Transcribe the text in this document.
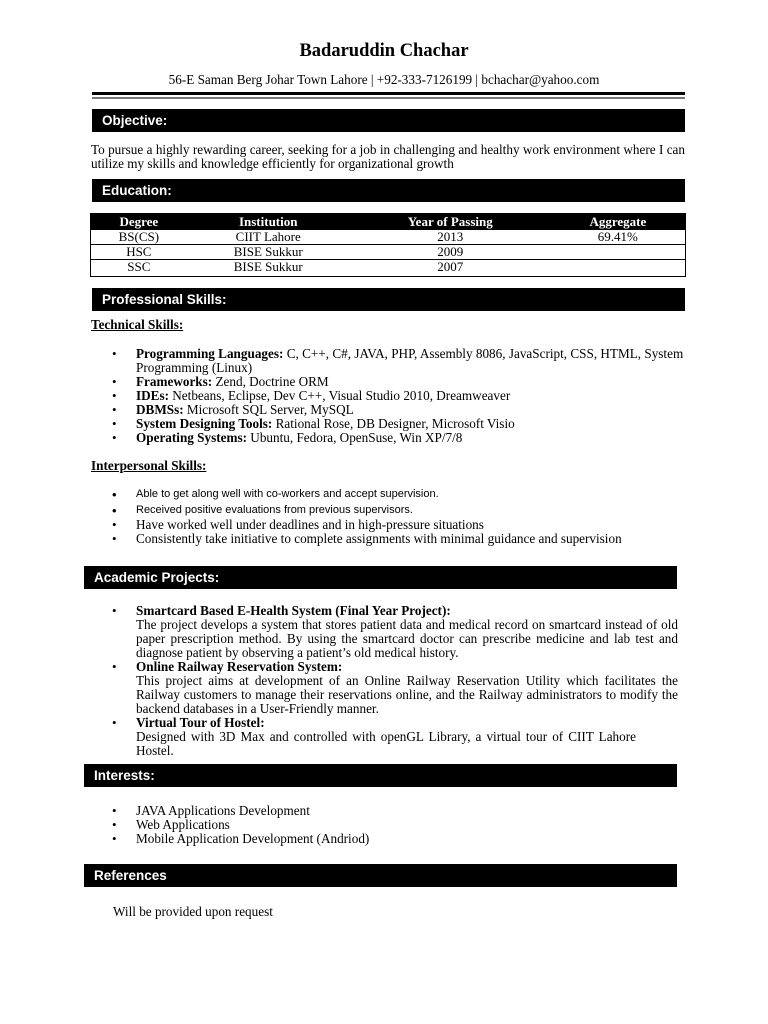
Badaruddin Chachar
56-E Saman Berg Johar Town Lahore | +92-333-7126199 | bchachar@yahoo.com
Objective:
To pursue a highly rewarding career, seeking for a job in challenging and healthy work environment where I can utilize my skills and knowledge efficiently for organizational growth
Education:
Degree	Institution	Year of Passing	Aggregate
BS(CS)	CIIT Lahore	2013	69.41%
HSC	BISE Sukkur	2009	
SSC	BISE Sukkur	2007	
Professional Skills:
Technical Skills:
• Programming Languages: C, C++, C#, JAVA, PHP, Assembly 8086, JavaScript, CSS, HTML, System Programming (Linux)
• Frameworks: Zend, Doctrine ORM
• IDEs: Netbeans, Eclipse, Dev C++, Visual Studio 2010, Dreamweaver
• DBMSs: Microsoft SQL Server, MySQL
• System Designing Tools: Rational Rose, DB Designer, Microsoft Visio
• Operating Systems: Ubuntu, Fedora, OpenSuse, Win XP/7/8
Interpersonal Skills:
• Able to get along well with co-workers and accept supervision.
• Received positive evaluations from previous supervisors.
• Have worked well under deadlines and in high-pressure situations
• Consistently take initiative to complete assignments with minimal guidance and supervision
Academic Projects:
• Smartcard Based E-Health System (Final Year Project):
The project develops a system that stores patient data and medical record on smartcard instead of old paper prescription method. By using the smartcard doctor can prescribe medicine and lab test and diagnose patient by observing a patient’s old medical history.
• Online Railway Reservation System:
This project aims at development of an Online Railway Reservation Utility which facilitates the Railway customers to manage their reservations online, and the Railway administrators to modify the backend databases in a User-Friendly manner.
• Virtual Tour of Hostel:
Designed with 3D Max and controlled with openGL Library, a virtual tour of CIIT Lahore Hostel.
Interests:
• JAVA Applications Development
• Web Applications
• Mobile Application Development (Andriod)
References
Will be provided upon request
